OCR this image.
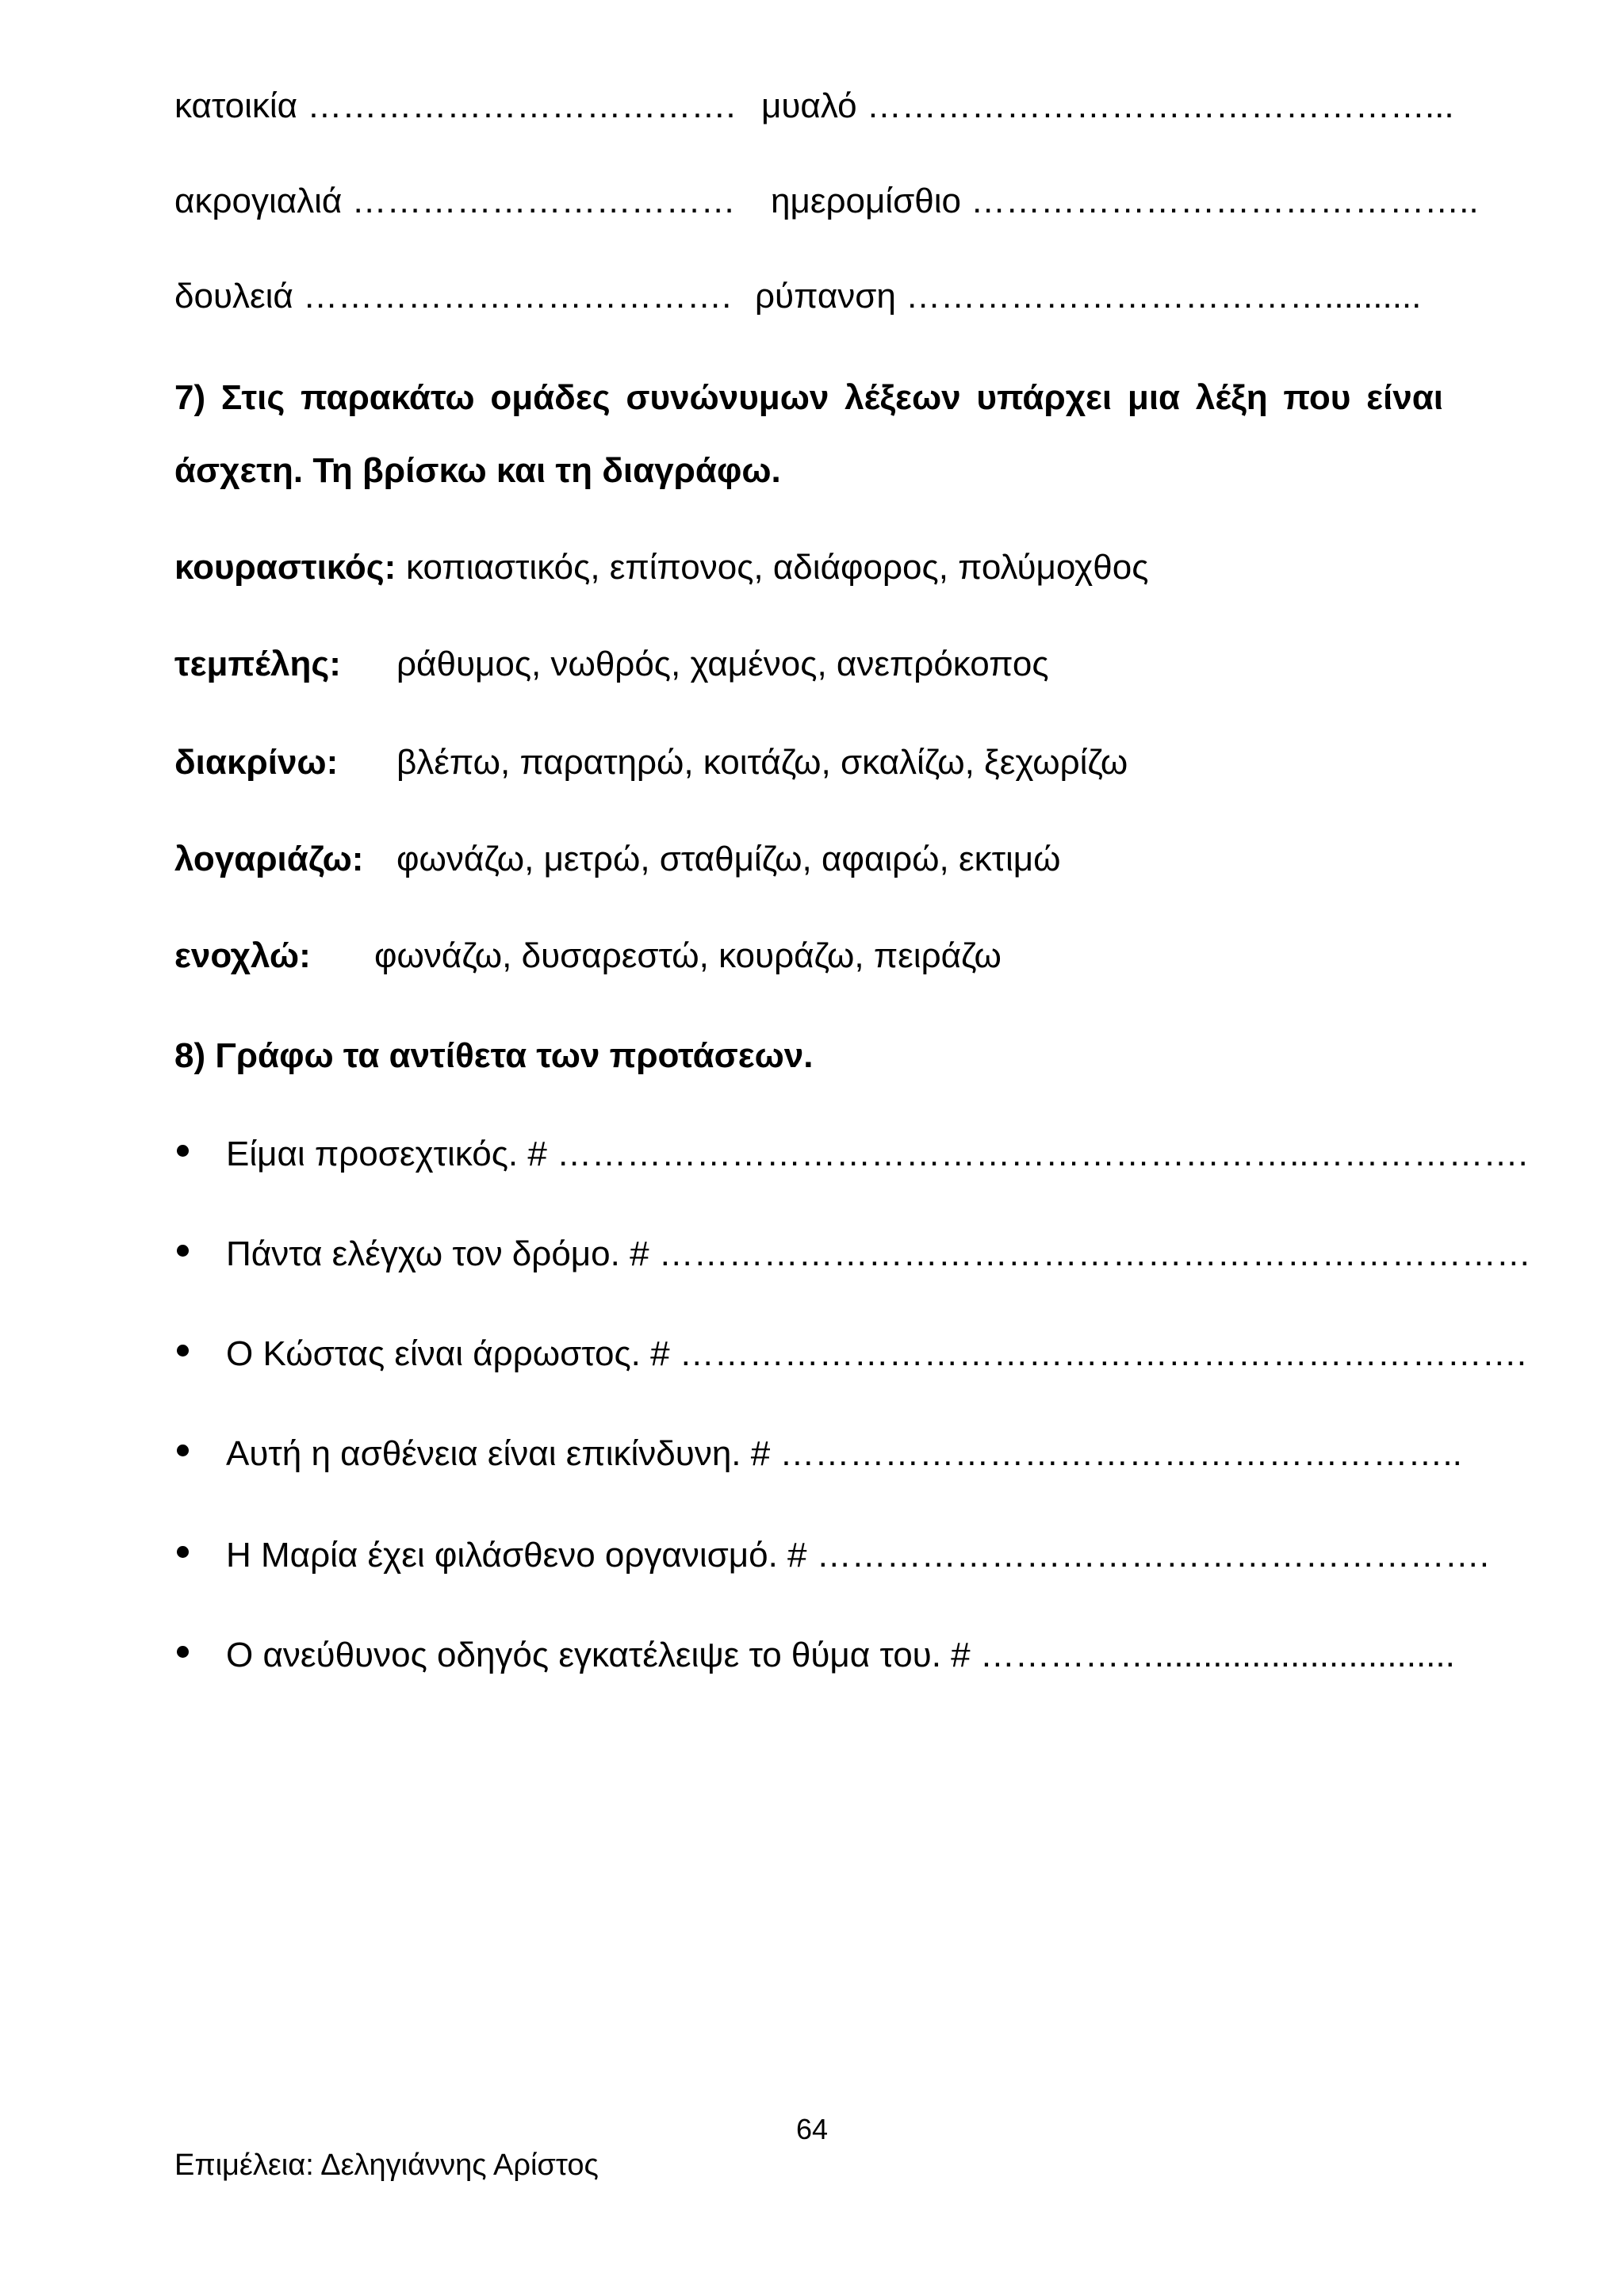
κατοικία ………………………………. μυαλό …………………………………………...
ακρογιαλιά …………………………… ημερομίσθιο ……………………………………..
δουλειά ………………………………. ρύπανση ………………………………..........
7) Στις παρακάτω ομάδες συνώνυμων λέξεων υπάρχει μια λέξη που είναι
άσχετη. Τη βρίσκω και τη διαγράφω.
κουραστικός: κοπιαστικός, επίπονος, αδιάφορος, πολύμοχθος
τεμπέλης: ράθυμος, νωθρός, χαμένος, ανεπρόκοπος
διακρίνω: βλέπω, παρατηρώ, κοιτάζω, σκαλίζω, ξεχωρίζω
λογαριάζω: φωνάζω, μετρώ, σταθμίζω, αφαιρώ, εκτιμώ
ενοχλώ: φωνάζω, δυσαρεστώ, κουράζω, πειράζω
8) Γράφω τα αντίθετα των προτάσεων.
Είμαι προσεχτικός. # ………………………………………………………..……………….
Πάντα ελέγχω τον δρόμο. # …………………………………………………………………
Ο Κώστας είναι άρρωστος. # ……………………………………………………………….
Αυτή η ασθένεια είναι επικίνδυνη. # …………………………………………………..
Η Μαρία έχει φιλάσθενο οργανισμό. # ………………………………………………….
Ο ανεύθυνος οδηγός εγκατέλειψε το θύμα του. # ……………...............................
64
Επιμέλεια: Δεληγιάννης Αρίστος
